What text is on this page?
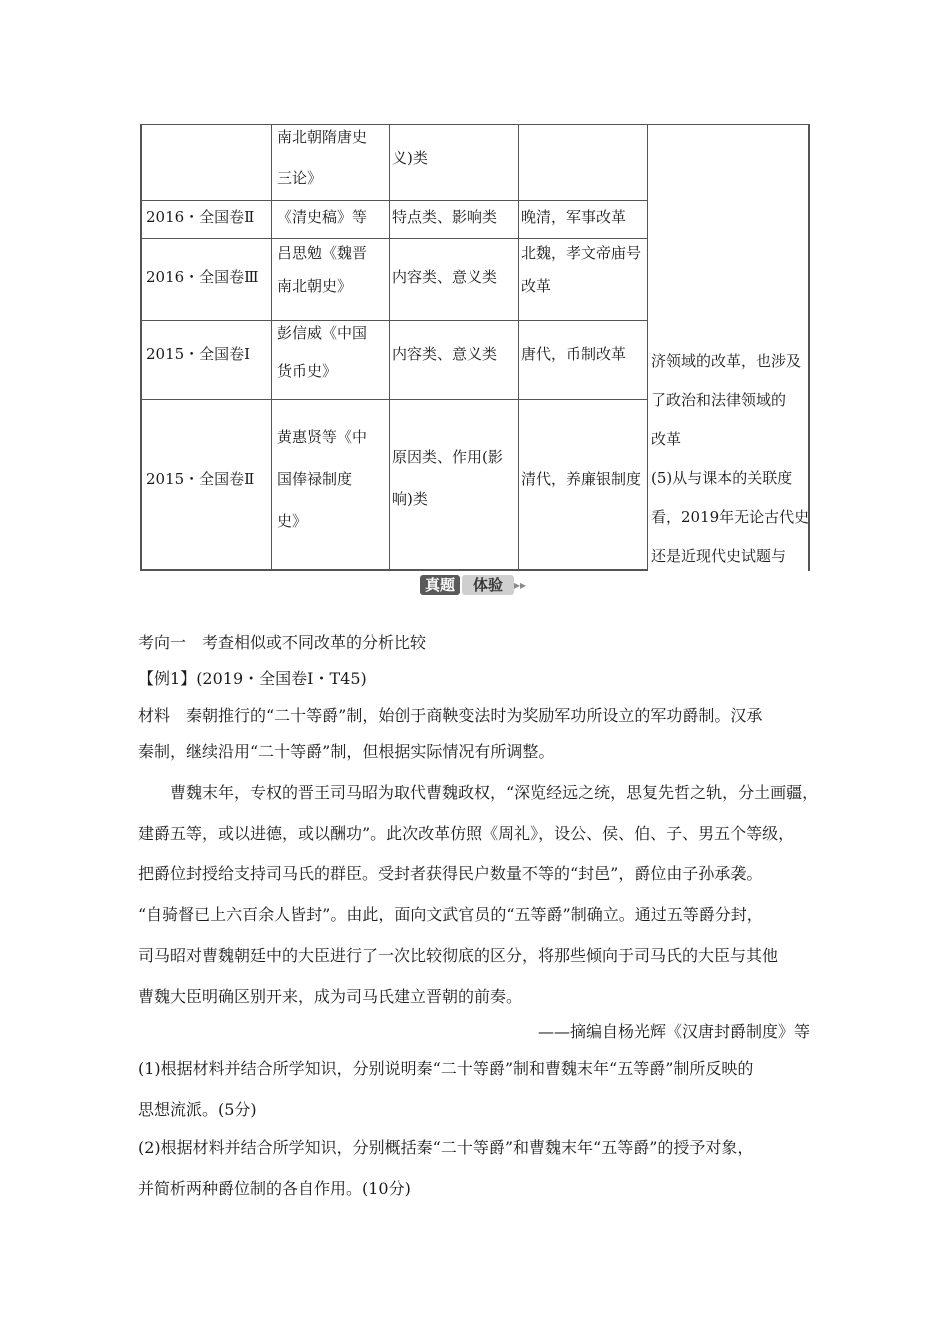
南北朝隋唐史
三论》
义)类
2016・全国卷Ⅱ 《清史稿》等 特点类、影响类 晚清，军事改革
2016・全国卷Ⅲ
吕思勉《魏晋
南北朝史》	内容类、意义类
北魏，孝文帝庙号
改革
2015・全国卷Ⅰ
彭信威《中国
货币史》
内容类、意义类 唐代，币制改革
2015・全国卷Ⅱ
黄惠贤等《中
国俸禄制度
史》
原因类、作用(影
响)类
清代，养廉银制度
济领域的改革，也涉及
了政治和法律领域的
改革
(5)从与课本的关联度
看，2019年无论古代史
还是近现代史试题与
真题	体验 ▸▸
考向一　考查相似或不同改革的分析比较
【例1】(2019・全国卷Ⅰ・T45)
材料　秦朝推行的“二十等爵”制，始创于商鞅变法时为奖励军功所设立的军功爵制。汉承
秦制，继续沿用“二十等爵”制，但根据实际情况有所调整。
曹魏末年，专权的晋王司马昭为取代曹魏政权，“深览经远之统，思复先哲之轨，分土画疆，
建爵五等，或以进德，或以酬功”。此次改革仿照《周礼》，设公、侯、伯、子、男五个等级，
把爵位封授给支持司马氏的群臣。受封者获得民户数量不等的“封邑”，爵位由子孙承袭。
“自骑督已上六百余人皆封”。由此，面向文武官员的“五等爵”制确立。通过五等爵分封，
司马昭对曹魏朝廷中的大臣进行了一次比较彻底的区分，将那些倾向于司马氏的大臣与其他
曹魏大臣明确区别开来，成为司马氏建立晋朝的前奏。
——摘编自杨光辉《汉唐封爵制度》等
(1)根据材料并结合所学知识，分别说明秦“二十等爵”制和曹魏末年“五等爵”制所反映的
思想流派。(5分)
(2)根据材料并结合所学知识，分别概括秦“二十等爵”和曹魏末年“五等爵”的授予对象，
并简析两种爵位制的各自作用。(10分)
